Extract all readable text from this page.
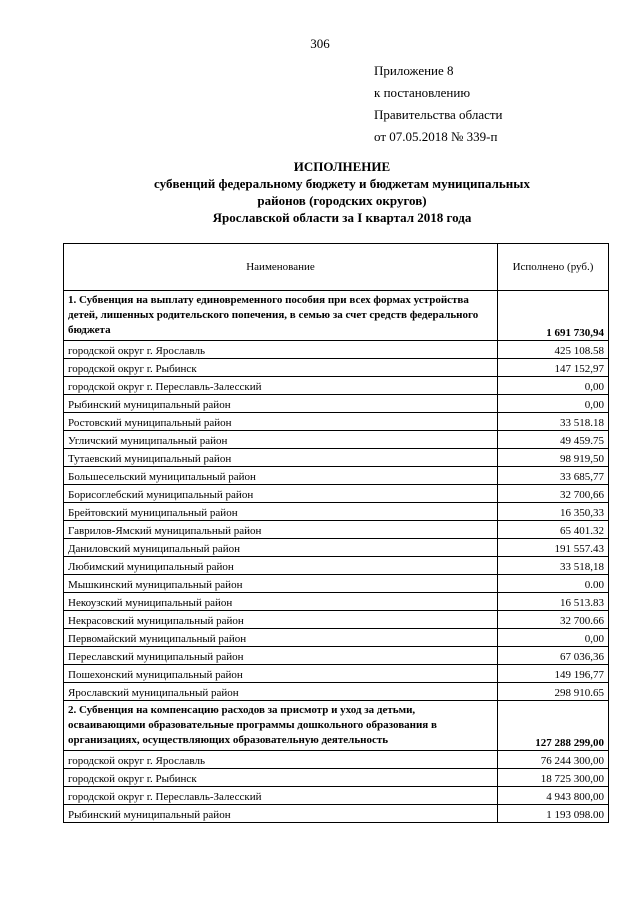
306
Приложение 8
к постановлению
Правительства области
от 07.05.2018 № 339-п
ИСПОЛНЕНИЕ
субвенций федеральному бюджету и бюджетам муниципальных
районов (городских округов)
Ярославской области за I квартал 2018 года
Наименование	Исполнено (руб.)
1. Субвенция на выплату единовременного пособия при всех формах устройства детей, лишенных родительского попечения, в семью за счет средств федерального бюджета	1 691 730,94
городской округ г. Ярославль	425 108.58
городской округ г. Рыбинск	147 152,97
городской округ г. Переславль-Залесский	0,00
Рыбинский муниципальный район	0,00
Ростовский муниципальный район	33 518.18
Угличский муниципальный район	49 459.75
Тутаевский муниципальный район	98 919,50
Большесельский муниципальный район	33 685,77
Борисоглебский муниципальный район	32 700,66
Брейтовский муниципальный район	16 350,33
Гаврилов-Ямский муниципальный район	65 401.32
Даниловский муниципальный район	191 557.43
Любимский муниципальный район	33 518,18
Мышкинский муниципальный район	0.00
Некоузский муниципальный район	16 513.83
Некрасовский муниципальный район	32 700.66
Первомайский муниципальный район	0,00
Переславский муниципальный район	67 036,36
Пошехонский муниципальный район	149 196,77
Ярославский муниципальный район	298 910.65
2. Субвенция на компенсацию расходов за присмотр и уход за детьми, осваивающими образовательные программы дошкольного образования в организациях, осуществляющих образовательную деятельность	127 288 299,00
городской округ г. Ярославль	76 244 300,00
городской округ г. Рыбинск	18 725 300,00
городской округ г. Переславль-Залесский	4 943 800,00
Рыбинский муниципальный район	1 193 098.00
